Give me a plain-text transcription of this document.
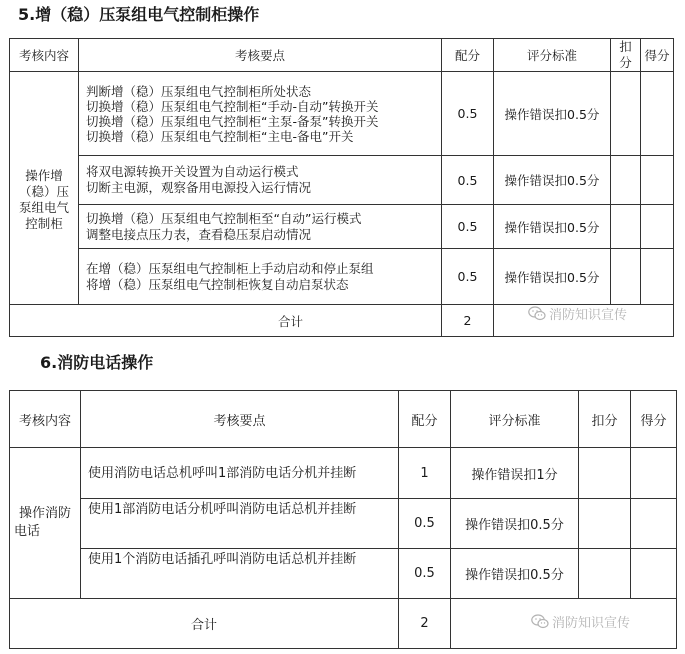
5.增（稳）压泵组电气控制柜操作
考核内容	考核要点	配分	评分标准	扣
分	得分

操作增
（稳）压
泵组电气
控制柜	判断增（稳）压泵组电气控制柜所处状态
切换增（稳）压泵组电气控制柜“手动-自动”转换开关
切换增（稳）压泵组电气控制柜“主泵-备泵”转换开关
切换增（稳）压泵组电气控制柜“主电-备电”开关	0.5	操作错误扣0.5分		

	将双电源转换开关设置为自动运行模式
切断主电源，观察备用电源投入运行情况	0.5	操作错误扣0.5分		

	切换增（稳）压泵组电气控制柜至“自动”运行模式
调整电接点压力表，查看稳压泵启动情况	0.5	操作错误扣0.5分		

	在增（稳）压泵组电气控制柜上手动启动和停止泵组
将增（稳）压泵组电气控制柜恢复自动启泵状态	0.5	操作错误扣0.5分		
合计		2				消防知识宣传
6.消防电话操作
考核内容	考核要点	配分	评分标准	扣分	得分

操作消防
电话	使用消防电话总机呼叫1部消防电话分机并挂断	1	操作错误扣1分		

	使用1部消防电话分机呼叫消防电话总机并挂断	0.5	操作错误扣0.5分		

	使用1个消防电话插孔呼叫消防电话总机并挂断	0.5	操作错误扣0.5分		
合计		2				消防知识宣传
